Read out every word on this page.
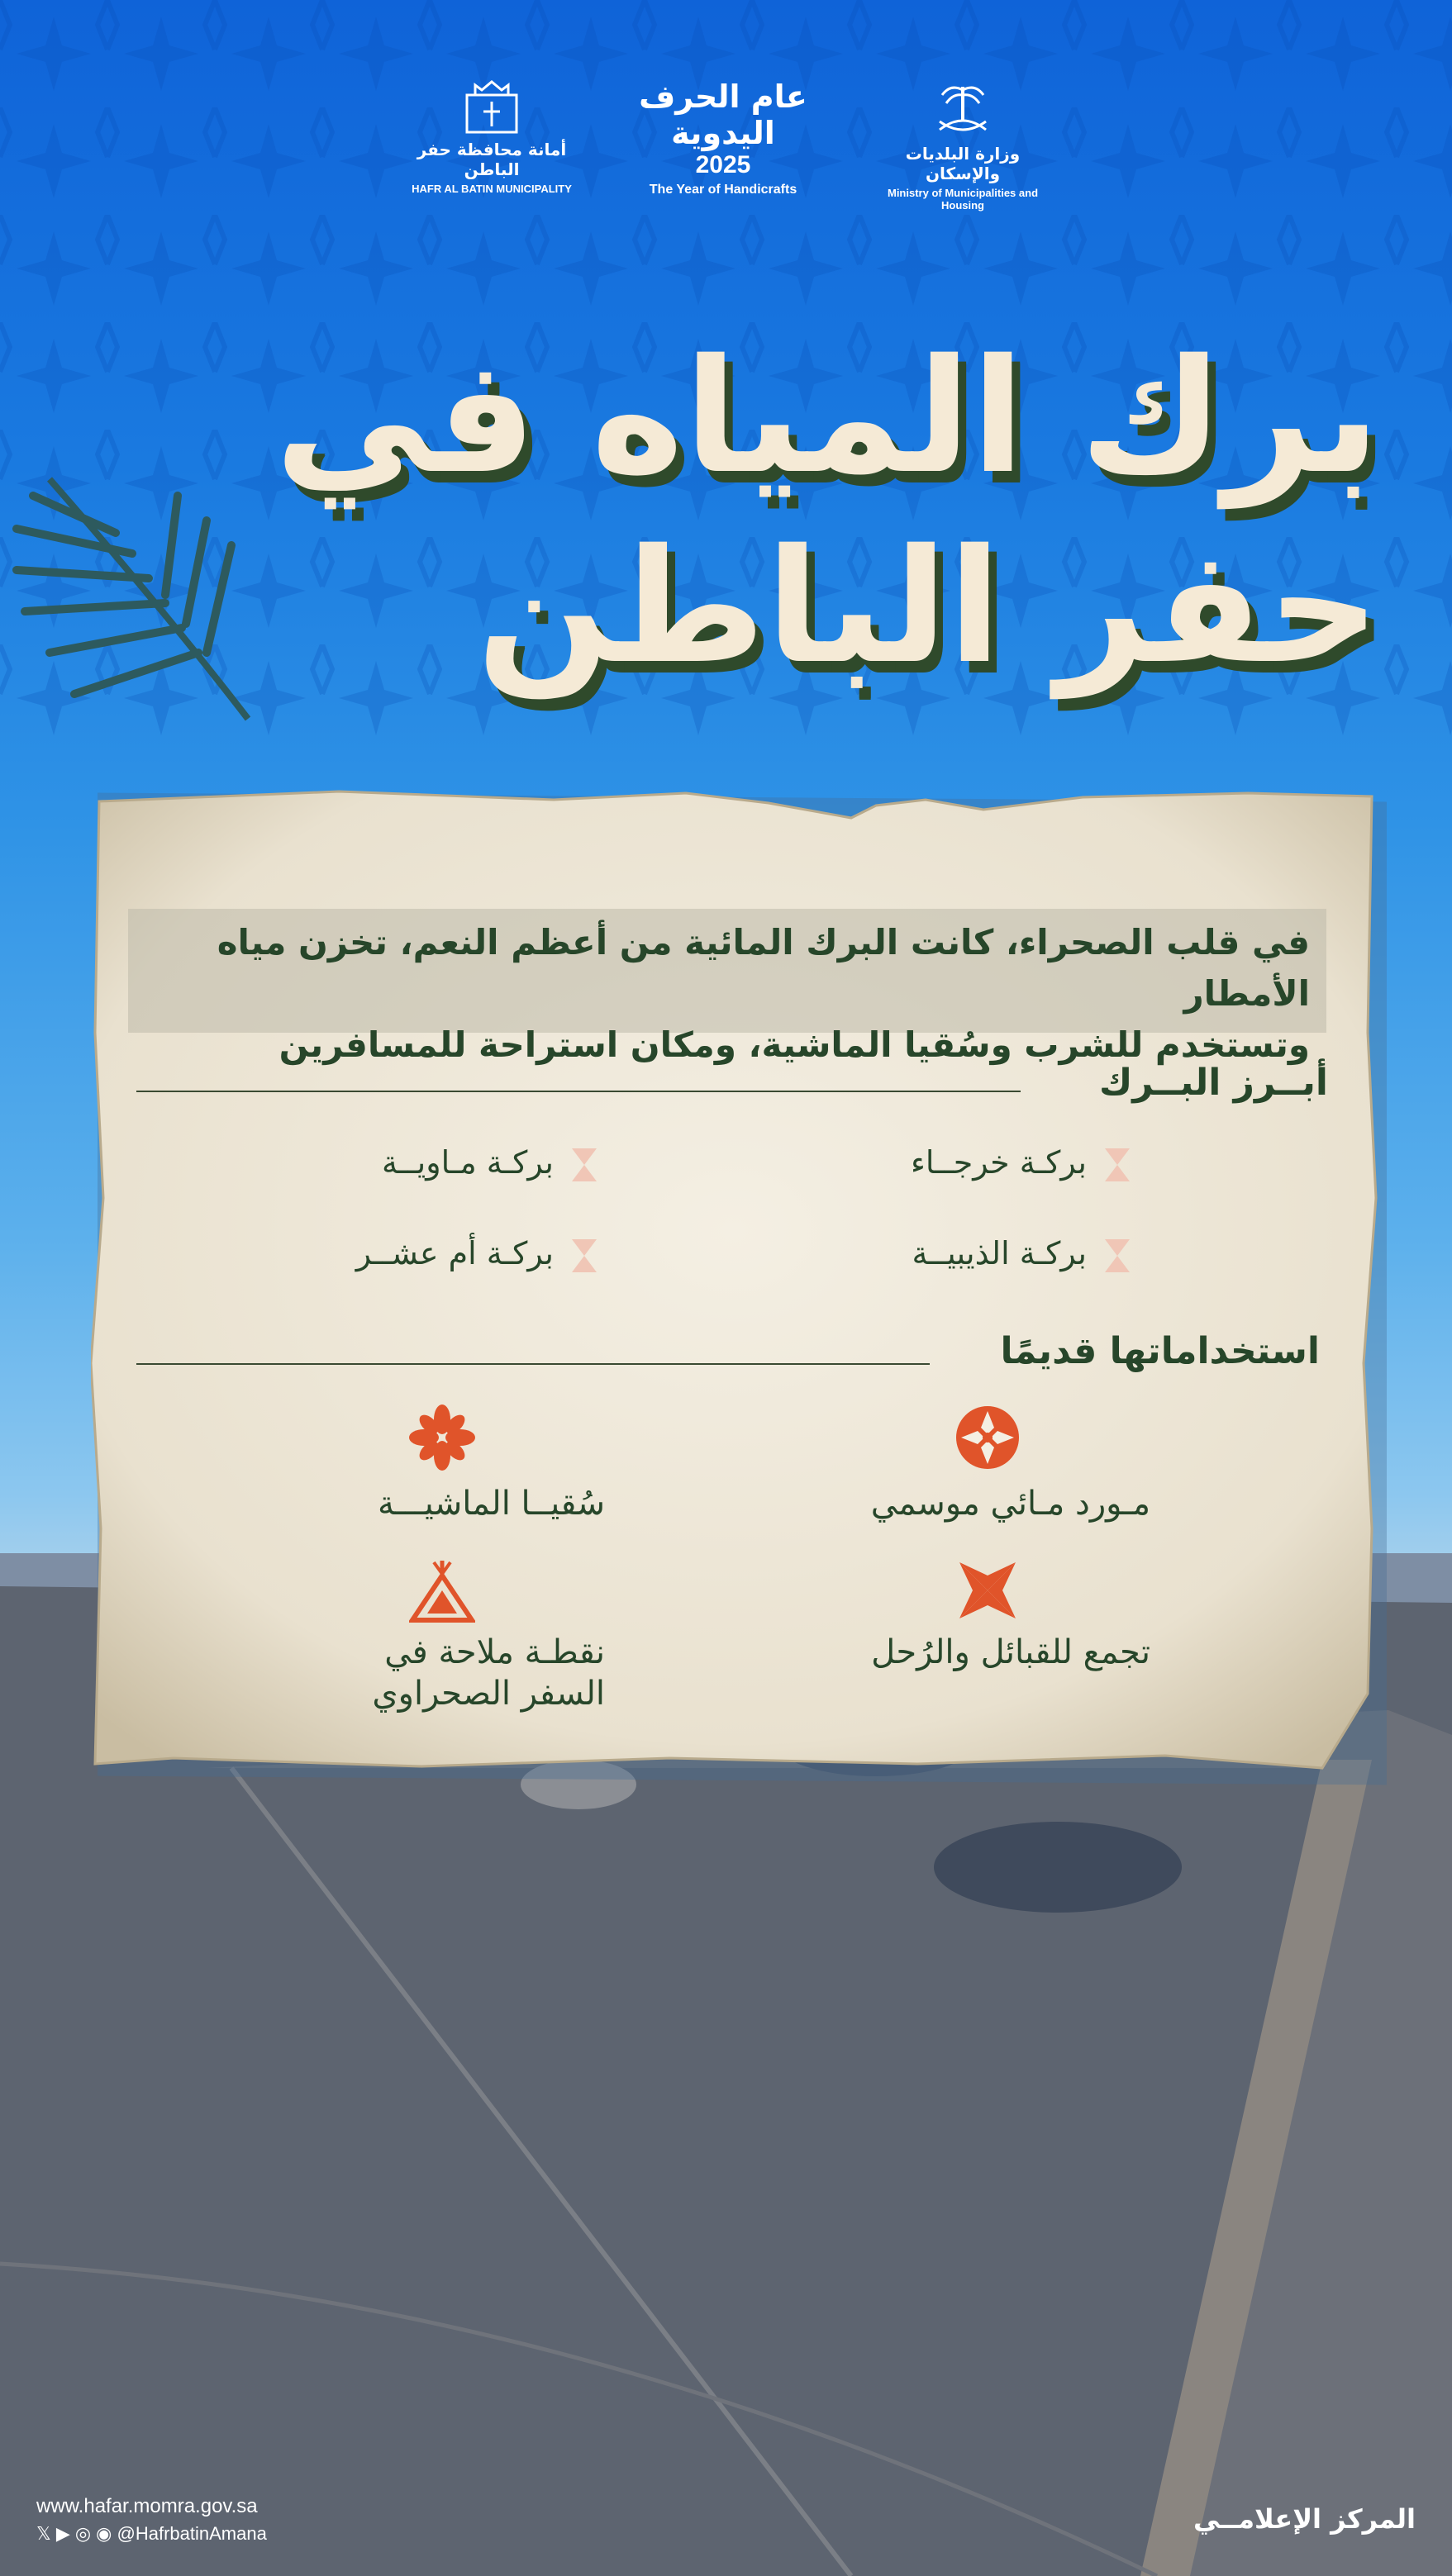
أمانة محافظة حفر الباطن
HAFR AL BATIN MUNICIPALITY
عام الحرف اليدوية
2025
The Year of Handicrafts
وزارة البلديات والإسكان
Ministry of Municipalities and Housing
برك المياه في
حفر الباطن
في قلب الصحراء، كانت البرك المائية من أعظم النعم، تخزن مياه الأمطار
وتستخدم للشرب وسُقيا الماشية، ومكان استراحة للمسافرين
أبــرز البــرك
بركـة خرجــاء
بركـة مـاويــة
بركـة الذيبيــة
بركـة أم عشــر
استخداماتها قديمًا
مـورد مـائي موسمي
سُقيــا الماشيـــة
تجمع للقبائل والرُحل
نقطـة ملاحة في السفر الصحراوي
www.hafar.momra.gov.sa
𝕏 ▶ ◎ ◉ @HafrbatinAmana	المركز الإعلامــي
